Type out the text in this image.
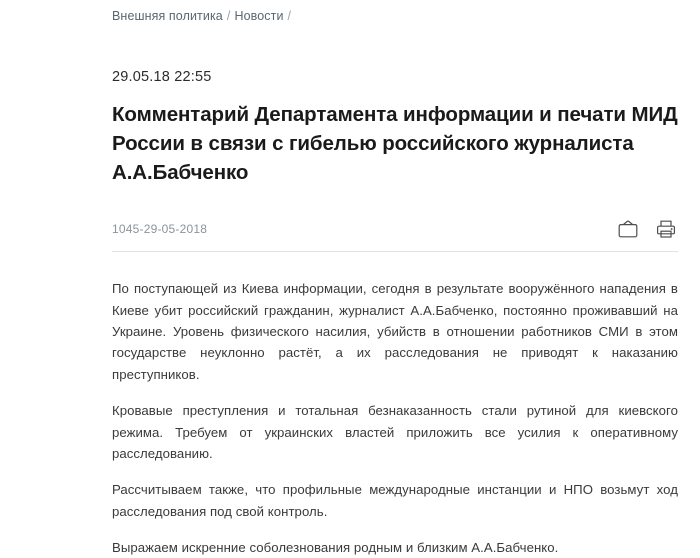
Внешняя политика / Новости /
29.05.18 22:55
Комментарий Департамента информации и печати МИД России в связи с гибелью российского журналиста А.А.Бабченко
1045-29-05-2018

По поступающей из Киева информации, сегодня в результате вооружённого нападения в Киеве убит российский гражданин, журналист А.А.Бабченко, постоянно проживавший на Украине. Уровень физического насилия, убийств в отношении работников СМИ в этом государстве неуклонно растёт, а их расследования не приводят к наказанию преступников.

Кровавые преступления и тотальная безнаказанность стали рутиной для киевского режима. Требуем от украинских властей приложить все усилия к оперативному расследованию.

Рассчитываем также, что профильные международные инстанции и НПО возьмут ход расследования под свой контроль.

Выражаем искренние соболезнования родным и близким А.А.Бабченко.
